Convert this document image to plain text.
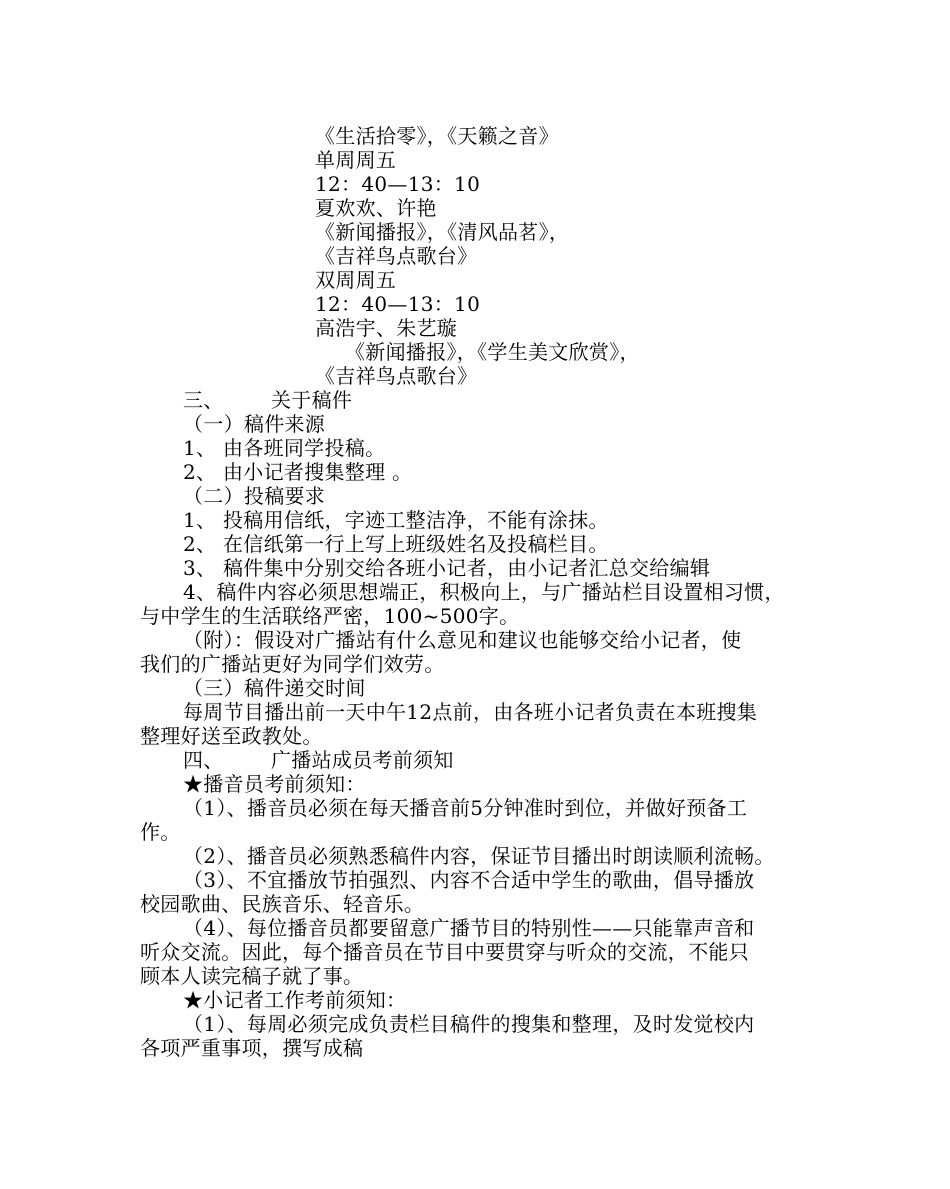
《生活拾零》，《天籁之音》
单周周五
12：40—13：10
夏欢欢、许艳
《新闻播报》，《清风品茗》，
《吉祥鸟点歌台》
双周周五
12：40—13：10
高浩宇、朱艺璇
《新闻播报》，《学生美文欣赏》，
《吉祥鸟点歌台》
三、 关于稿件
（一）稿件来源
1、 由各班同学投稿。
2、 由小记者搜集整理 。
（二）投稿要求
1、 投稿用信纸，字迹工整洁净，不能有涂抹。
2、 在信纸第一行上写上班级姓名及投稿栏目。
3、 稿件集中分别交给各班小记者，由小记者汇总交给编辑
4、稿件内容必须思想端正，积极向上，与广播站栏目设置相习惯，
与中学生的生活联络严密，100~500字。
（附）：假设对广播站有什么意见和建议也能够交给小记者，使
我们的广播站更好为同学们效劳。
（三）稿件递交时间
每周节目播出前一天中午12点前，由各班小记者负责在本班搜集
整理好送至政教处。
四、 广播站成员考前须知
★播音员考前须知：
（1）、播音员必须在每天播音前5分钟准时到位，并做好预备工
作。
（2）、播音员必须熟悉稿件内容，保证节目播出时朗读顺利流畅。
（3）、不宜播放节拍强烈、内容不合适中学生的歌曲，倡导播放
校园歌曲、民族音乐、轻音乐。
（4）、每位播音员都要留意广播节目的特别性——只能靠声音和
听众交流。因此，每个播音员在节目中要贯穿与听众的交流，不能只
顾本人读完稿子就了事。
★小记者工作考前须知：
（1）、每周必须完成负责栏目稿件的搜集和整理，及时发觉校内
各项严重事项，撰写成稿
